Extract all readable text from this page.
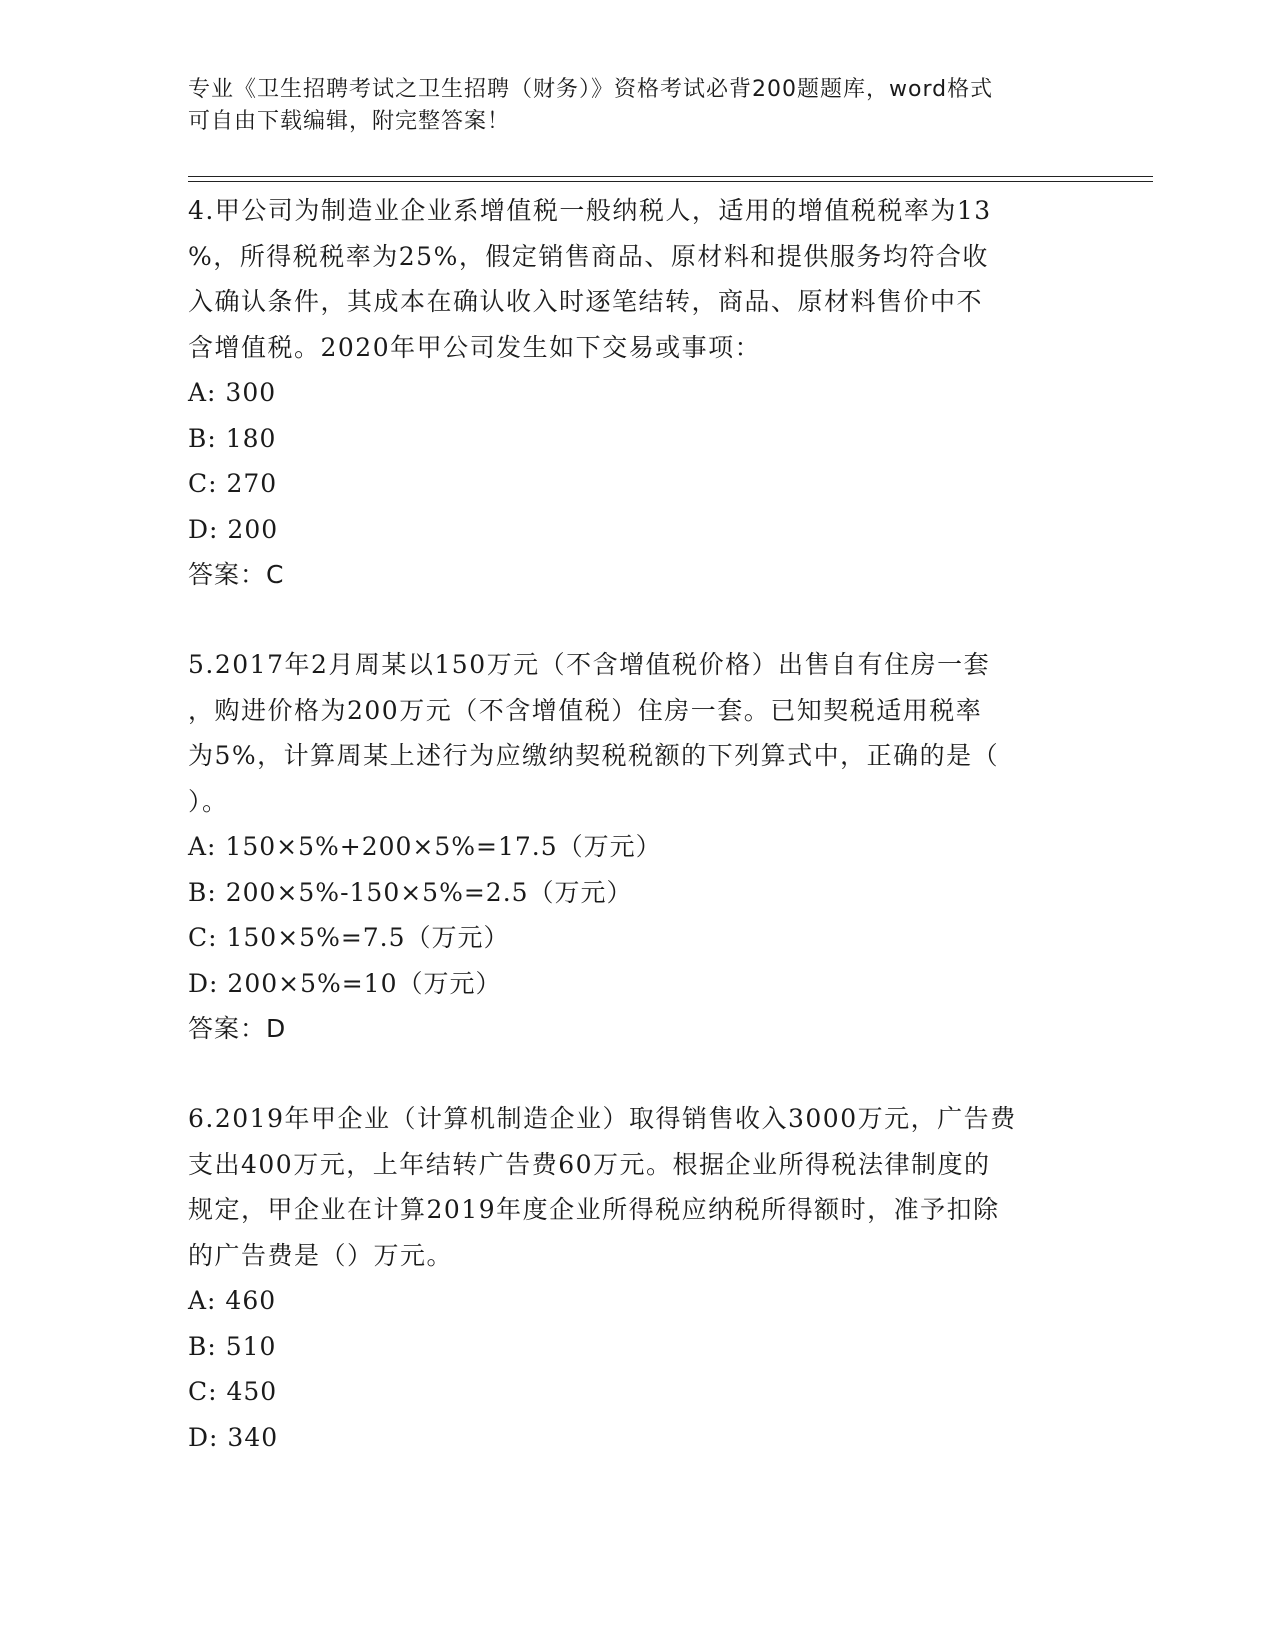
专业《卫生招聘考试之卫生招聘（财务）》资格考试必背200题题库，word格式
可自由下载编辑，附完整答案！
4.甲公司为制造业企业系增值税一般纳税人，适用的增值税税率为13
%，所得税税率为25%，假定销售商品、原材料和提供服务均符合收
入确认条件，其成本在确认收入时逐笔结转，商品、原材料售价中不
含增值税。2020年甲公司发生如下交易或事项：
A: 300
B: 180
C: 270
D: 200
答案：C
5.2017年2月周某以150万元（不含增值税价格）出售自有住房一套
，购进价格为200万元（不含增值税）住房一套。已知契税适用税率
为5%，计算周某上述行为应缴纳契税税额的下列算式中，正确的是（
）。
A: 150×5%+200×5%=17.5（万元）
B: 200×5%-150×5%=2.5（万元）
C: 150×5%=7.5（万元）
D: 200×5%=10（万元）
答案：D
6.2019年甲企业（计算机制造企业）取得销售收入3000万元，广告费
支出400万元，上年结转广告费60万元。根据企业所得税法律制度的
规定，甲企业在计算2019年度企业所得税应纳税所得额时，准予扣除
的广告费是（）万元。
A: 460
B: 510
C: 450
D: 340
